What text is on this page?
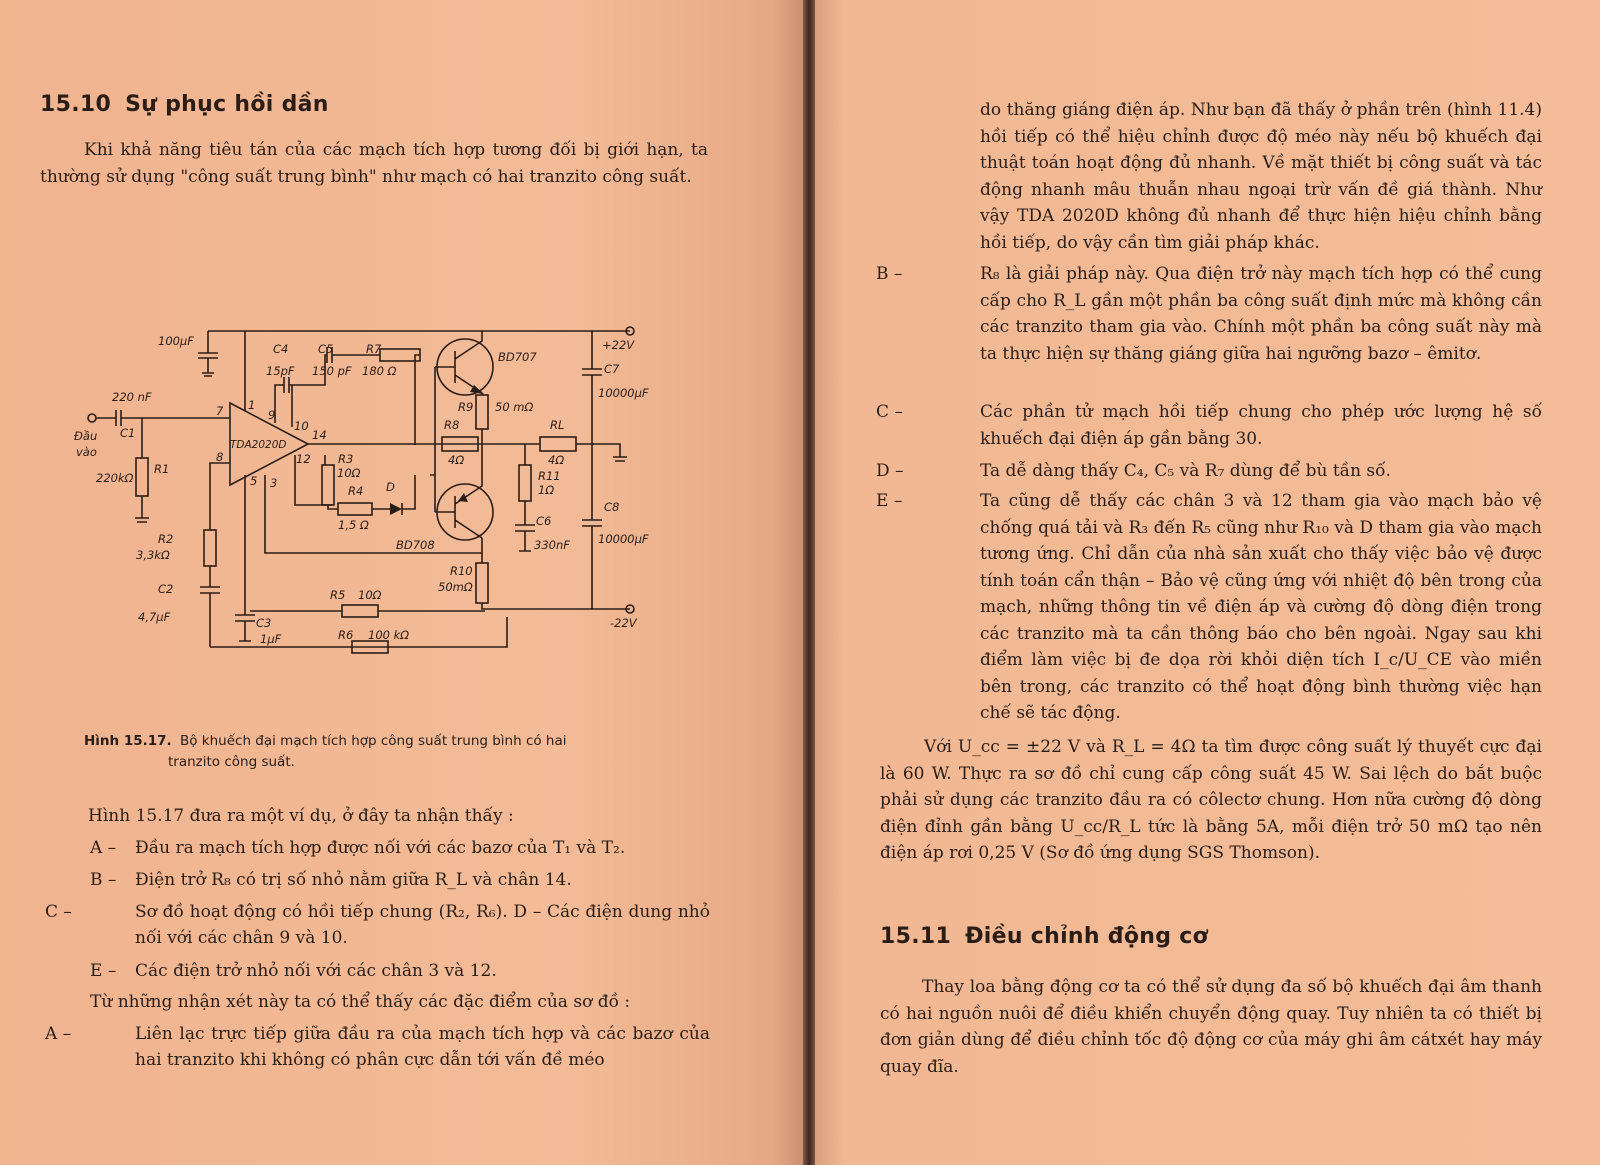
15.10 Sự phục hồi dần
Khi khả năng tiêu tán của các mạch tích hợp tương đối bị giới hạn, ta thường sử dụng "công suất trung bình" như mạch có hai tranzito công suất.
100μF
C4	C5	R7
BD707
+22V
15pF 150 pF 180 Ω	C7
10000μF
220 nF
C1
Đầu
vào
7 1
9
10
14
12
8
5 3
TDA2020D
R9 50 mΩ
R8
4Ω
RL
4Ω
R1
220kΩ
R3
10Ω
R4
1,5 Ω
D
R11
1Ω
C6
330nF
C8
10000μF
R2
3,3kΩ
C2
4,7μF
BD708
R10
50mΩ
R5 10Ω
-22V
C3
1μF	R6 100 kΩ
Hình 15.17. Bộ khuếch đại mạch tích hợp công suất trung bình có hai
tranzito công suất.
Hình 15.17 đưa ra một ví dụ, ở đây ta nhận thấy :
A – Đầu ra mạch tích hợp được nối với các bazơ của T₁ và T₂.
B – Điện trở R₈ có trị số nhỏ nằm giữa R_L và chân 14.
C –	Sơ đồ hoạt động có hồi tiếp chung (R₂, R₆). D – Các điện dung nhỏ nối với các chân 9 và 10.
E – Các điện trở nhỏ nối với các chân 3 và 12.
Từ những nhận xét này ta có thể thấy các đặc điểm của sơ đồ :
A –	Liên lạc trực tiếp giữa đầu ra của mạch tích hợp và các bazơ của hai tranzito khi không có phân cực dẫn tới vấn đề méo
do thăng giáng điện áp. Như bạn đã thấy ở phần trên (hình 11.4) hồi tiếp có thể hiệu chỉnh được độ méo này nếu bộ khuếch đại thuật toán hoạt động đủ nhanh. Về mặt thiết bị công suất và tác động nhanh mâu thuẫn nhau ngoại trừ vấn đề giá thành. Như vậy TDA 2020D không đủ nhanh để thực hiện hiệu chỉnh bằng hồi tiếp, do vậy cần tìm giải pháp khác.
B –	R₈ là giải pháp này. Qua điện trở này mạch tích hợp có thể cung cấp cho R_L gần một phần ba công suất định mức mà không cần các tranzito tham gia vào. Chính một phần ba công suất này mà ta thực hiện sự thăng giáng giữa hai ngưỡng bazơ – êmitơ.
C –	Các phần tử mạch hồi tiếp chung cho phép ước lượng hệ số khuếch đại điện áp gần bằng 30.
D –	Ta dễ dàng thấy C₄, C₅ và R₇ dùng để bù tần số.
E –	Ta cũng dễ thấy các chân 3 và 12 tham gia vào mạch bảo vệ chống quá tải và R₃ đến R₅ cũng như R₁₀ và D tham gia vào mạch tương ứng. Chỉ dẫn của nhà sản xuất cho thấy việc bảo vệ được tính toán cẩn thận – Bảo vệ cũng ứng với nhiệt độ bên trong của mạch, những thông tin về điện áp và cường độ dòng điện trong các tranzito mà ta cần thông báo cho bên ngoài. Ngay sau khi điểm làm việc bị đe dọa rời khỏi diện tích I_c/U_CE vào miền bên trong, các tranzito có thể hoạt động bình thường việc hạn chế sẽ tác động.
Với U_cc = ±22 V và R_L = 4Ω ta tìm được công suất lý thuyết cực đại là 60 W. Thực ra sơ đồ chỉ cung cấp công suất 45 W. Sai lệch do bắt buộc phải sử dụng các tranzito đầu ra có côlectơ chung. Hơn nữa cường độ dòng điện đỉnh gần bằng U_cc/R_L tức là bằng 5A, mỗi điện trở 50 mΩ tạo nên điện áp rơi 0,25 V (Sơ đồ ứng dụng SGS Thomson).
15.11 Điều chỉnh động cơ
Thay loa bằng động cơ ta có thể sử dụng đa số bộ khuếch đại âm thanh có hai nguồn nuôi để điều khiển chuyển động quay. Tuy nhiên ta có thiết bị đơn giản dùng để điều chỉnh tốc độ động cơ của máy ghi âm cátxét hay máy quay đĩa.
